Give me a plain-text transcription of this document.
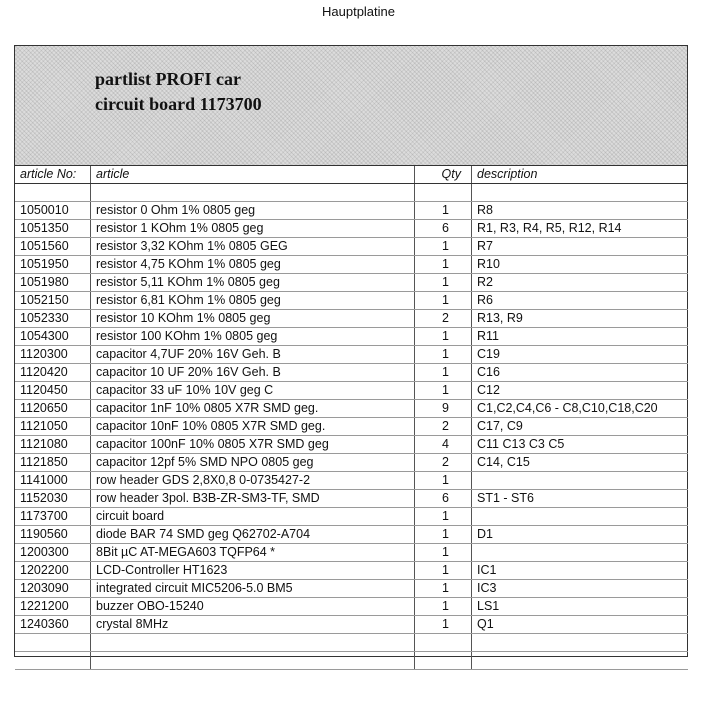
Hauptplatine
partlist PROFI car
circuit board 1173700
article No:	article	Qty	description

1050010	resistor 0 Ohm 1% 0805 geg	1	R8
1051350	resistor 1 KOhm 1% 0805 geg	6	R1, R3, R4, R5, R12, R14
1051560	resistor 3,32 KOhm 1% 0805 GEG	1	R7
1051950	resistor 4,75 KOhm 1% 0805 geg	1	R10
1051980	resistor 5,11 KOhm 1% 0805 geg	1	R2
1052150	resistor 6,81 KOhm 1% 0805 geg	1	R6
1052330	resistor 10 KOhm 1% 0805 geg	2	R13, R9
1054300	resistor 100 KOhm 1% 0805 geg	1	R11
1120300	capacitor 4,7UF 20% 16V Geh. B	1	C19
1120420	capacitor 10 UF 20% 16V Geh. B	1	C16
1120450	capacitor 33 uF 10% 10V geg C	1	C12
1120650	capacitor 1nF 10% 0805 X7R SMD geg.	9	C1,C2,C4,C6 - C8,C10,C18,C20
1121050	capacitor 10nF 10% 0805 X7R SMD geg.	2	C17, C9
1121080	capacitor 100nF 10% 0805 X7R SMD geg	4	C11 C13 C3 C5
1121850	capacitor 12pf 5% SMD NPO 0805 geg	2	C14, C15
1141000	row header GDS 2,8X0,8 0-0735427-2	1	
1152030	row header 3pol. B3B-ZR-SM3-TF, SMD	6	ST1 - ST6
1173700	circuit board	1	
1190560	diode BAR 74 SMD geg Q62702-A704	1	D1
1200300	8Bit µC AT-MEGA603 TQFP64 *	1	
1202200	LCD-Controller HT1623	1	IC1
1203090	integrated circuit MIC5206-5.0 BM5	1	IC3
1221200	buzzer OBO-15240	1	LS1
1240360	crystal 8MHz	1	Q1
